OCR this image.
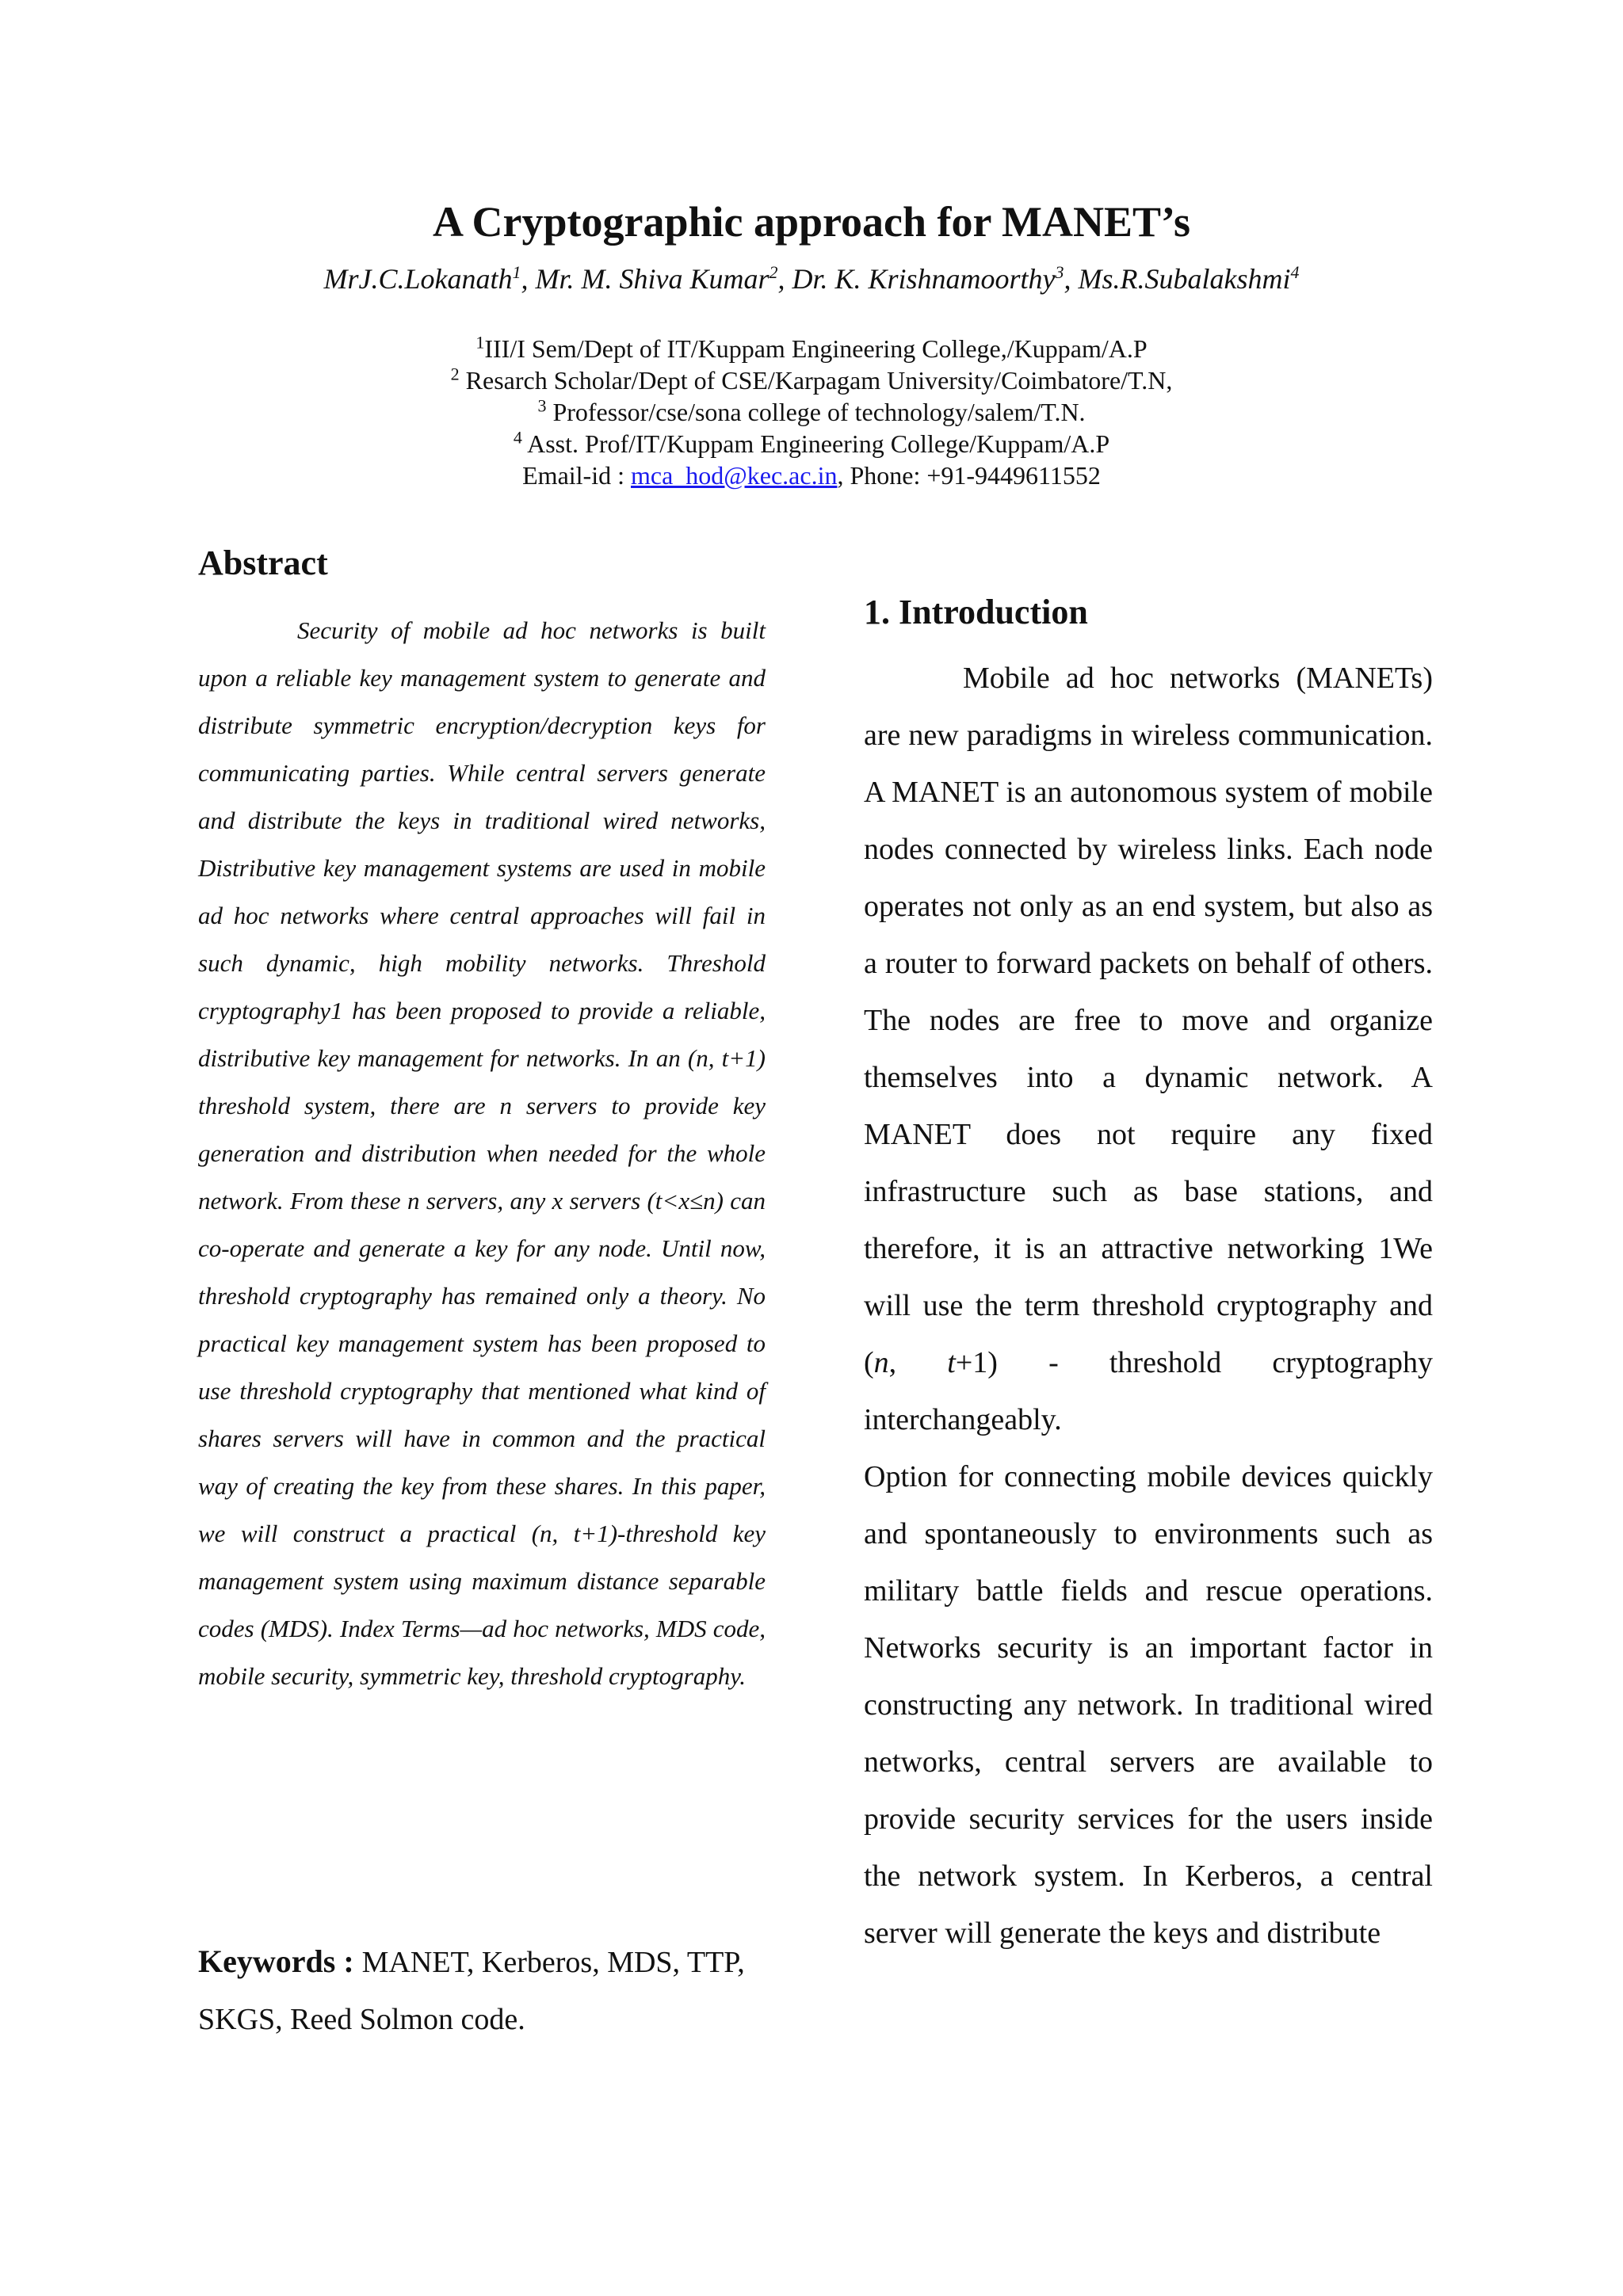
A Cryptographic approach for MANET’s
MrJ.C.Lokanath$^1$, Mr. M. Shiva Kumar$^2$, Dr. K. Krishnamoorthy$^3$, Ms.R.Subalakshmi$^4$
$^1$III/I Sem/Dept of IT/Kuppam Engineering College,/Kuppam/A.P
$^2$ Resarch Scholar/Dept of CSE/Karpagam University/Coimbatore/T.N,
$^3$ Professor/cse/sona college of technology/salem/T.N.
$^4$ Asst. Prof/IT/Kuppam Engineering College/Kuppam/A.P
Email-id : mca_hod@kec.ac.in, Phone: +91-9449611552
Abstract

Security of mobile ad hoc networks is built upon a reliable key management system to generate and distribute symmetric encryption/decryption keys for communicating parties. While central servers generate and distribute the keys in traditional wired networks, Distributive key management systems are used in mobile ad hoc networks where central approaches will fail in such dynamic, high mobility networks. Threshold cryptography1 has been proposed to provide a reliable, distributive key management for networks. In an (n, t+1) threshold system, there are n servers to provide key generation and distribution when needed for the whole network. From these n servers, any x servers (t<x≤n) can co-operate and generate a key for any node. Until now, threshold cryptography has remained only a theory. No practical key management system has been proposed to use threshold cryptography that mentioned what kind of shares servers will have in common and the practical way of creating the key from these shares. In this paper, we will construct a practical (n, t+1)-threshold key management system using maximum distance separable codes (MDS). Index Terms—ad hoc networks, MDS code, mobile security, symmetric key, threshold cryptography.

Keywords : MANET, Kerberos, MDS, TTP, SKGS, Reed Solmon code.

1. Introduction

Mobile ad hoc networks (MANETs) are new paradigms in wireless communication. A MANET is an autonomous system of mobile nodes connected by wireless links. Each node operates not only as an end system, but also as a router to forward packets on behalf of others. The nodes are free to move and organize themselves into a dynamic network. A MANET does not require any fixed infrastructure such as base stations, and therefore, it is an attractive networking 1We will use the term threshold cryptography and (n, t+1) - threshold cryptography interchangeably.

Option for connecting mobile devices quickly and spontaneously to environments such as military battle fields and rescue operations. Networks security is an important factor in constructing any network. In traditional wired networks, central servers are available to provide security services for the users inside the network system. In Kerberos, a central server will generate the keys and distribute
